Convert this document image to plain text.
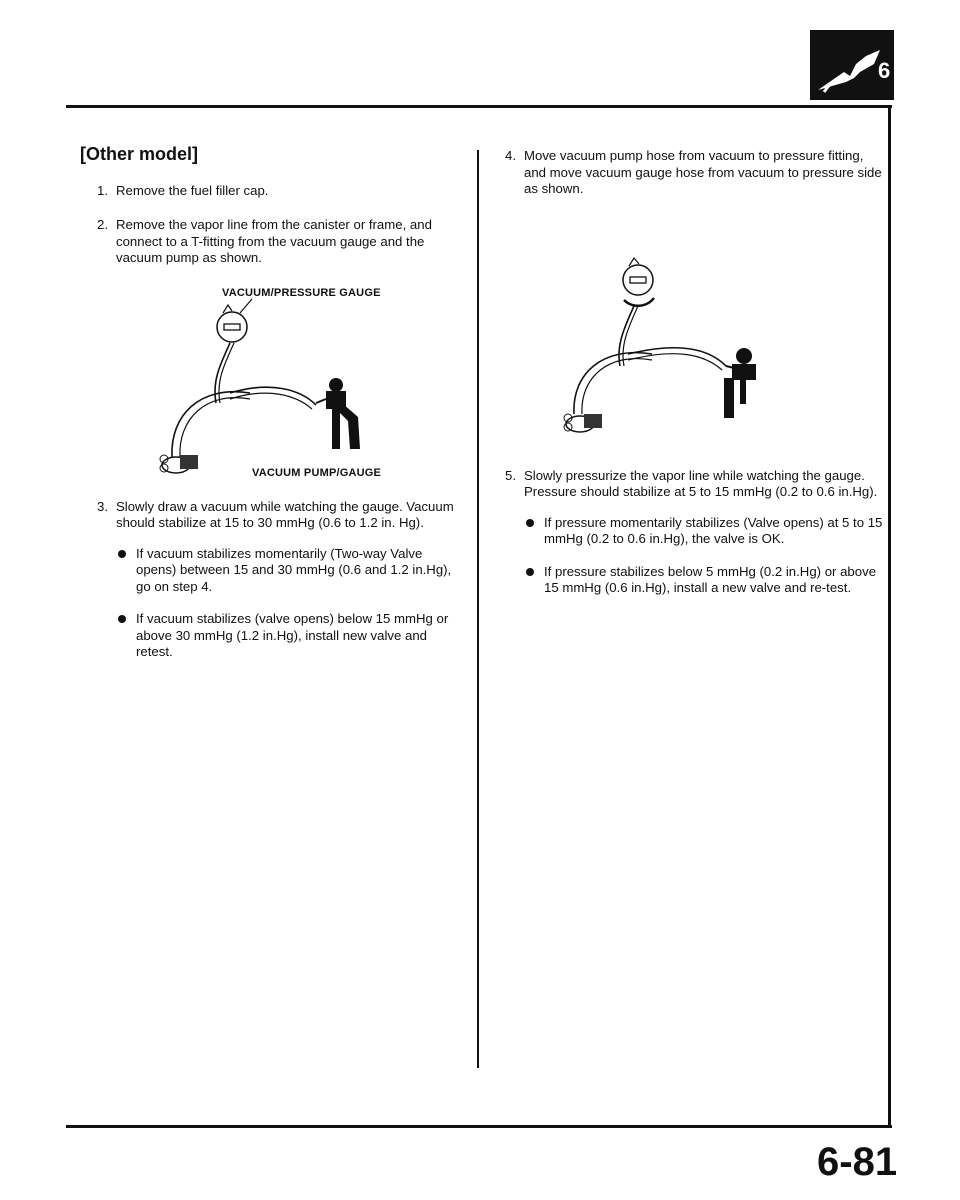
6
[Other model]
1. Remove the fuel filler cap.

2. Remove the vapor line from the canister or frame, and connect to a T-fitting from the vacuum gauge and the vacuum pump as shown.

VACUUM/PRESSURE GAUGE
VACUUM PUMP/GAUGE
3. Slowly draw a vacuum while watching the gauge. Vacuum should stabilize at 15 to 30 mmHg (0.6 to 1.2 in. Hg).

If vacuum stabilizes momentarily (Two-way Valve opens) between 15 and 30 mmHg (0.6 and 1.2 in.Hg), go on step 4.
If vacuum stabilizes (valve opens) below 15 mmHg or above 30 mmHg (1.2 in.Hg), install new valve and retest.
4. Move vacuum pump hose from vacuum to pressure fitting, and move vacuum gauge hose from vacuum to pressure side as shown.

5. Slowly pressurize the vapor line while watching the gauge.

Pressure should stabilize at 5 to 15 mmHg (0.2 to 0.6 in.Hg).

If pressure momentarily stabilizes (Valve opens) at 5 to 15 mmHg (0.2 to 0.6 in.Hg), the valve is OK.
If pressure stabilizes below 5 mmHg (0.2 in.Hg) or above 15 mmHg (0.6 in.Hg), install a new valve and re-test.
6-81
